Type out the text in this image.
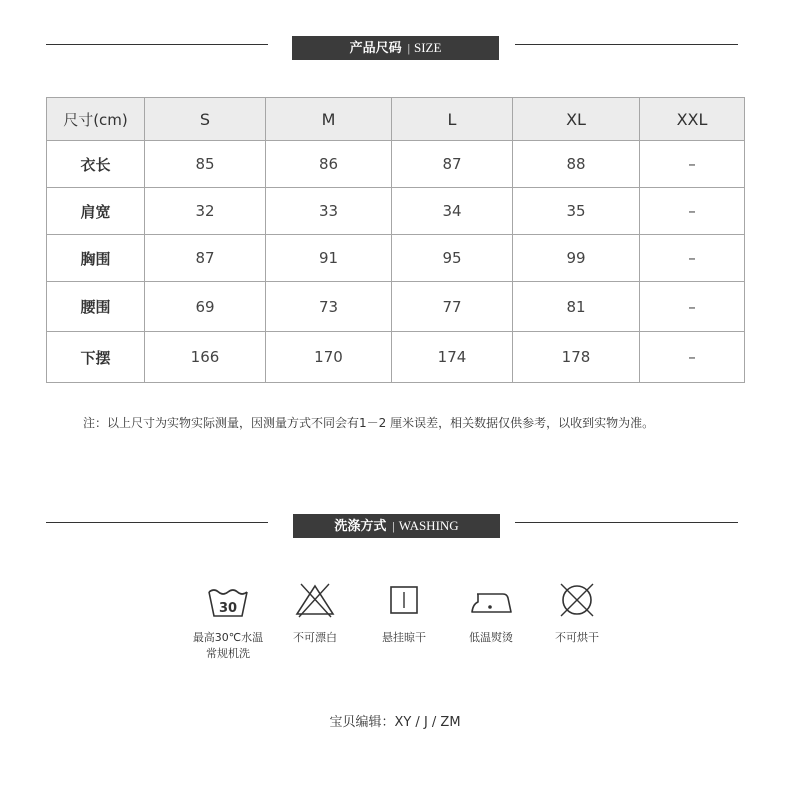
产品尺码 | SIZE
尺寸(cm)	S	M	L	XL	XXL
衣长	85	86	87	88	–
肩宽	32	33	34	35	–
胸围	87	91	95	99	–
腰围	69	73	77	81	–
下摆	166	170	174	178	–
注：以上尺寸为实物实际测量，因测量方式不同会有1－2 厘米误差，相关数据仅供参考，以收到实物为准。
洗涤方式 | WASHING
30
最高30℃水温
常规机洗
不可漂白	悬挂晾干	低温熨烫	不可烘干
宝贝编辑：XY / J / ZM
